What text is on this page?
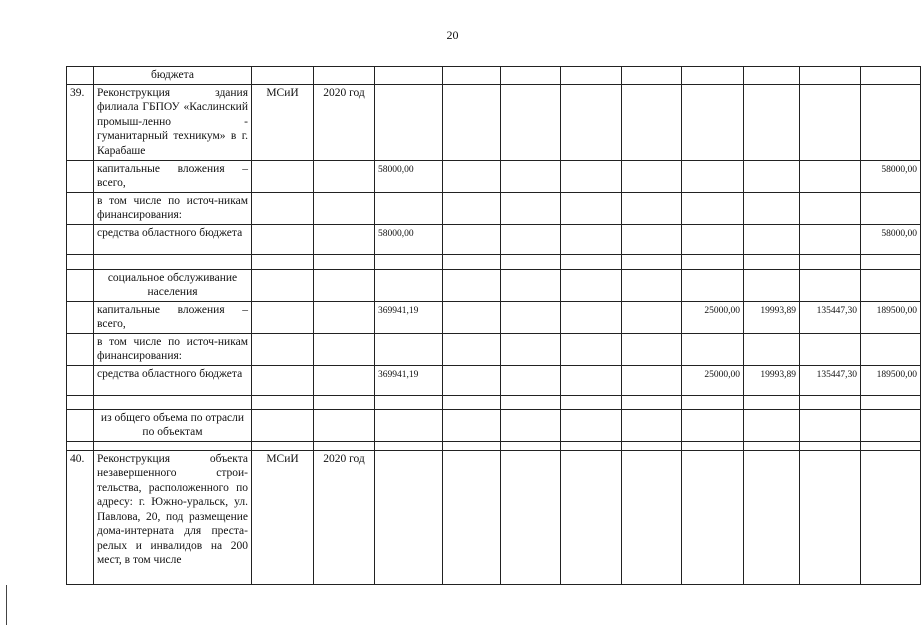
20
	бюджета											
39.	Реконструкция здания филиала ГБПОУ «Каслинский промыш-ленно - гуманитарный техникум» в г. Карабаше	МСиИ	2020 год									
	капитальные вложения – всего,			58000,00								58000,00
	в том числе по источ-никам финансирования:											
	средства областного бюджета			58000,00								58000,00

	социальное обслуживание населения											
	капитальные вложения – всего,			369941,19					25000,00	19993,89	135447,30	189500,00
	в том числе по источ-никам финансирования:											
	средства областного бюджета			369941,19					25000,00	19993,89	135447,30	189500,00

	из общего объема по отрасли по объектам											

40.	Реконструкция объекта незавершенного строи-тельства, расположенного по адресу: г. Южно-уральск, ул. Павлова, 20, под размещение дома-интерната для преста-релых и инвалидов на 200 мест, в том числе	МСиИ	2020 год									
